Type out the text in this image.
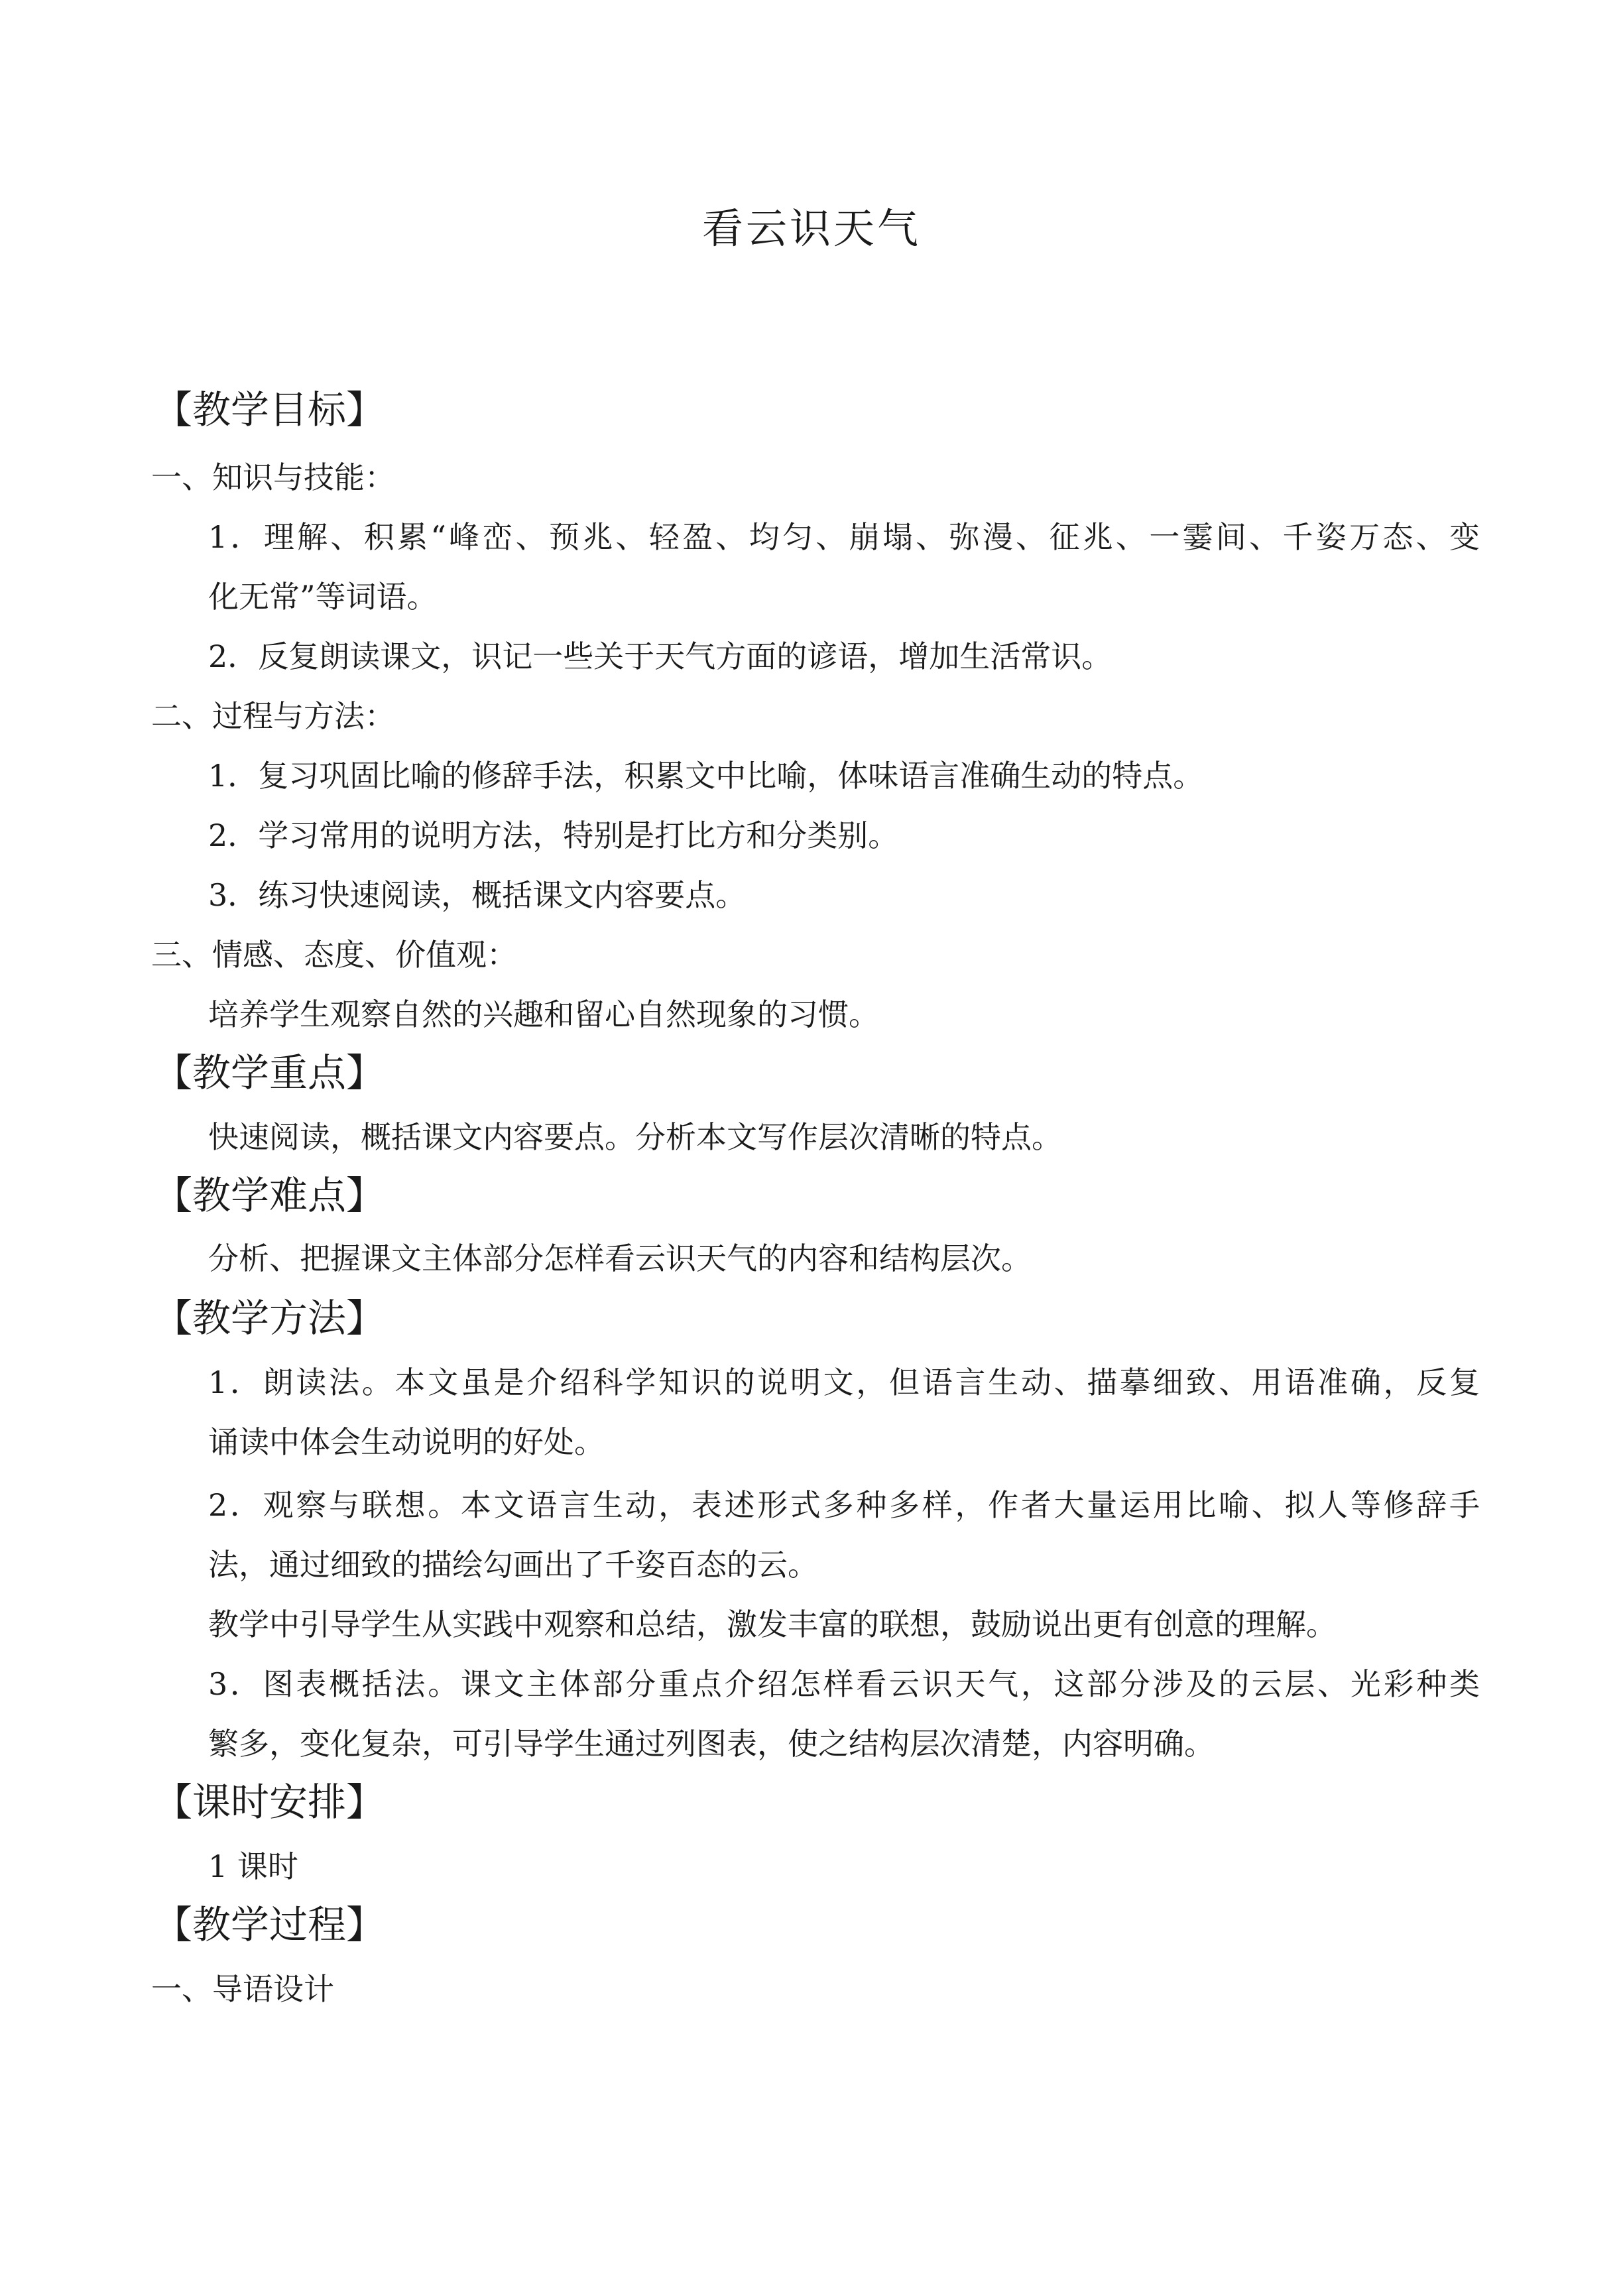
看云识天气
【教学目标】
一、知识与技能：
1．理解、积累“峰峦、预兆、轻盈、均匀、崩塌、弥漫、征兆、一霎间、千姿万态、变
化无常”等词语。
2．反复朗读课文，识记一些关于天气方面的谚语，增加生活常识。
二、过程与方法：
1．复习巩固比喻的修辞手法，积累文中比喻，体味语言准确生动的特点。
2．学习常用的说明方法，特别是打比方和分类别。
3．练习快速阅读，概括课文内容要点。
三、情感、态度、价值观：
培养学生观察自然的兴趣和留心自然现象的习惯。
【教学重点】
快速阅读，概括课文内容要点。分析本文写作层次清晰的特点。
【教学难点】
分析、把握课文主体部分怎样看云识天气的内容和结构层次。
【教学方法】
1．朗读法。本文虽是介绍科学知识的说明文，但语言生动、描摹细致、用语准确，反复
诵读中体会生动说明的好处。
2．观察与联想。本文语言生动，表述形式多种多样，作者大量运用比喻、拟人等修辞手
法，通过细致的描绘勾画出了千姿百态的云。
教学中引导学生从实践中观察和总结，激发丰富的联想，鼓励说出更有创意的理解。
3．图表概括法。课文主体部分重点介绍怎样看云识天气，这部分涉及的云层、光彩种类
繁多，变化复杂，可引导学生通过列图表，使之结构层次清楚，内容明确。
【课时安排】
1 课时
【教学过程】
一、导语设计
